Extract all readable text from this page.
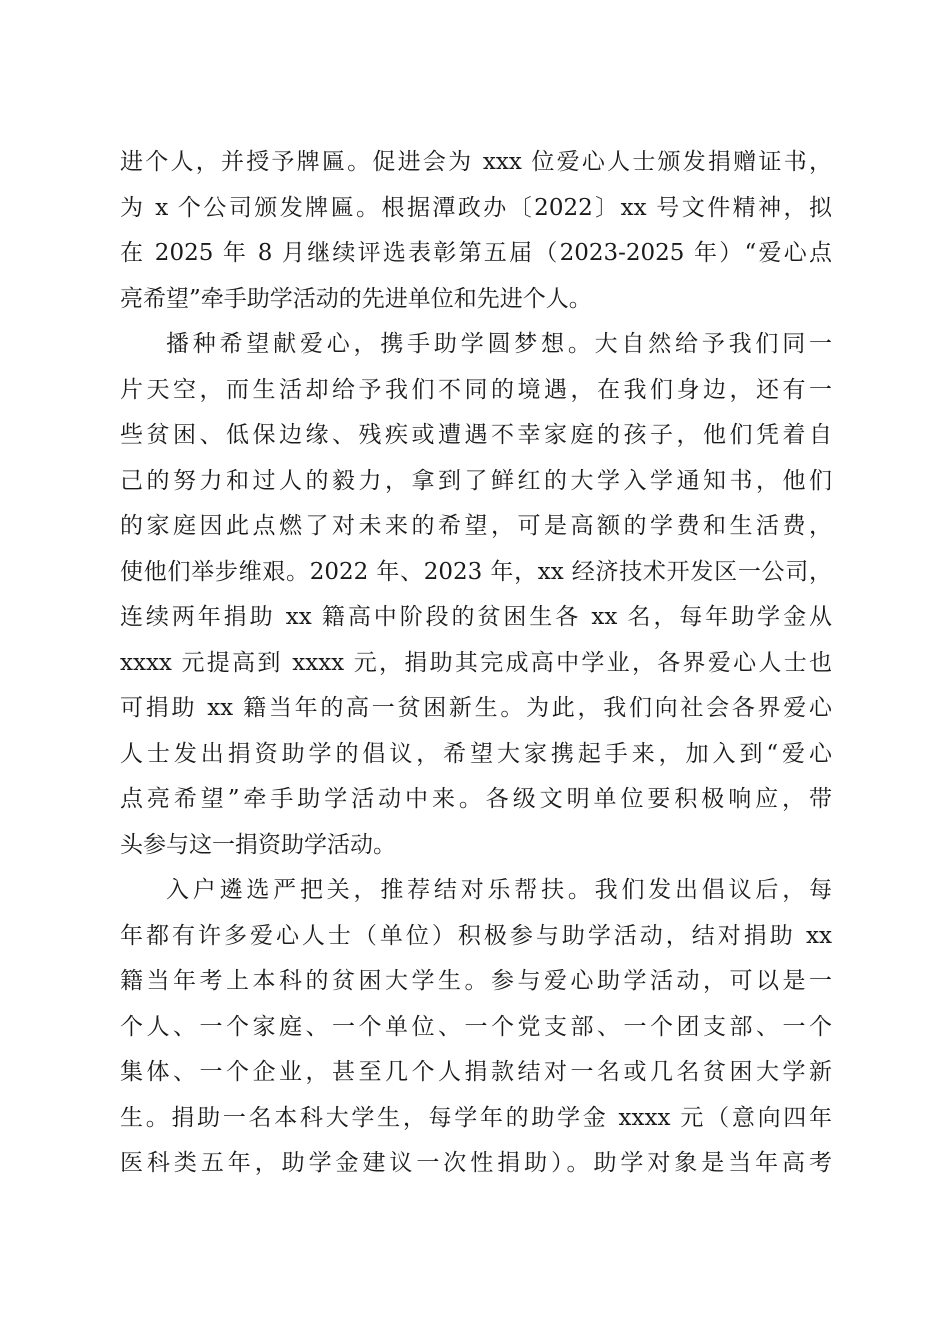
进个人，并授予牌匾。促进会为 xxx 位爱心人士颁发捐赠证书，
为 x 个公司颁发牌匾。根据潭政办〔2022〕xx 号文件精神，拟
在 2025 年 8 月继续评选表彰第五届（2023-2025 年）“爱心点
亮希望”牵手助学活动的先进单位和先进个人。
播种希望献爱心，携手助学圆梦想。大自然给予我们同一
片天空，而生活却给予我们不同的境遇，在我们身边，还有一
些贫困、低保边缘、残疾或遭遇不幸家庭的孩子，他们凭着自
己的努力和过人的毅力，拿到了鲜红的大学入学通知书，他们
的家庭因此点燃了对未来的希望，可是高额的学费和生活费，
使他们举步维艰。2022 年、2023 年，xx 经济技术开发区一公司，
连续两年捐助 xx 籍高中阶段的贫困生各 xx 名，每年助学金从
xxxx 元提高到 xxxx 元，捐助其完成高中学业，各界爱心人士也
可捐助 xx 籍当年的高一贫困新生。为此，我们向社会各界爱心
人士发出捐资助学的倡议，希望大家携起手来，加入到“爱心
点亮希望”牵手助学活动中来。各级文明单位要积极响应，带
头参与这一捐资助学活动。
入户遴选严把关，推荐结对乐帮扶。我们发出倡议后，每
年都有许多爱心人士（单位）积极参与助学活动，结对捐助 xx
籍当年考上本科的贫困大学生。参与爱心助学活动，可以是一
个人、一个家庭、一个单位、一个党支部、一个团支部、一个
集体、一个企业，甚至几个人捐款结对一名或几名贫困大学新
生。捐助一名本科大学生，每学年的助学金 xxxx 元（意向四年
医科类五年，助学金建议一次性捐助）。助学对象是当年高考
